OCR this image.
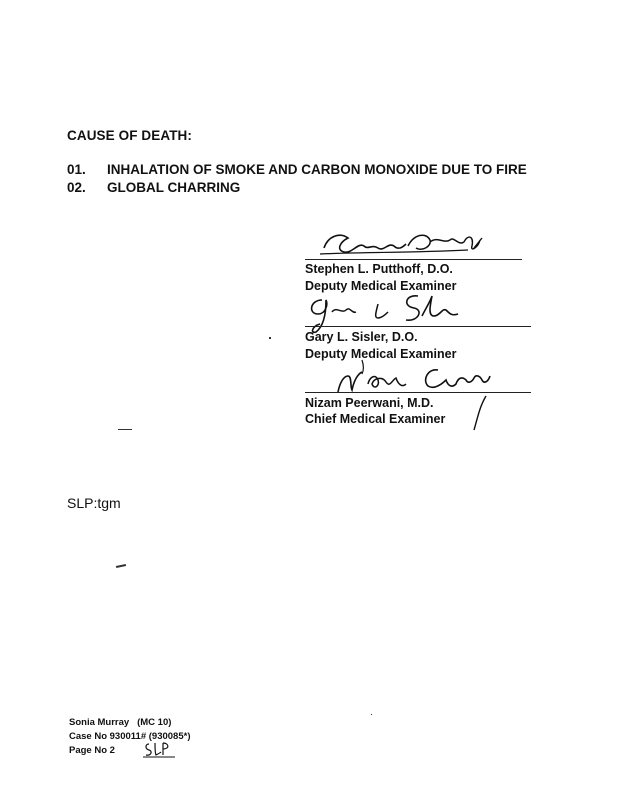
CAUSE OF DEATH:
01. INHALATION OF SMOKE AND CARBON MONOXIDE DUE TO FIRE
02. GLOBAL CHARRING
Stephen L. Putthoff, D.O.
Deputy Medical Examiner
Gary L. Sisler, D.O.
Deputy Medical Examiner
Nizam Peerwani, M.D.
Chief Medical Examiner
SLP:tgm
Sonia Murray   (MC 10)
Case No 930011# (930085*)
Page No 2
